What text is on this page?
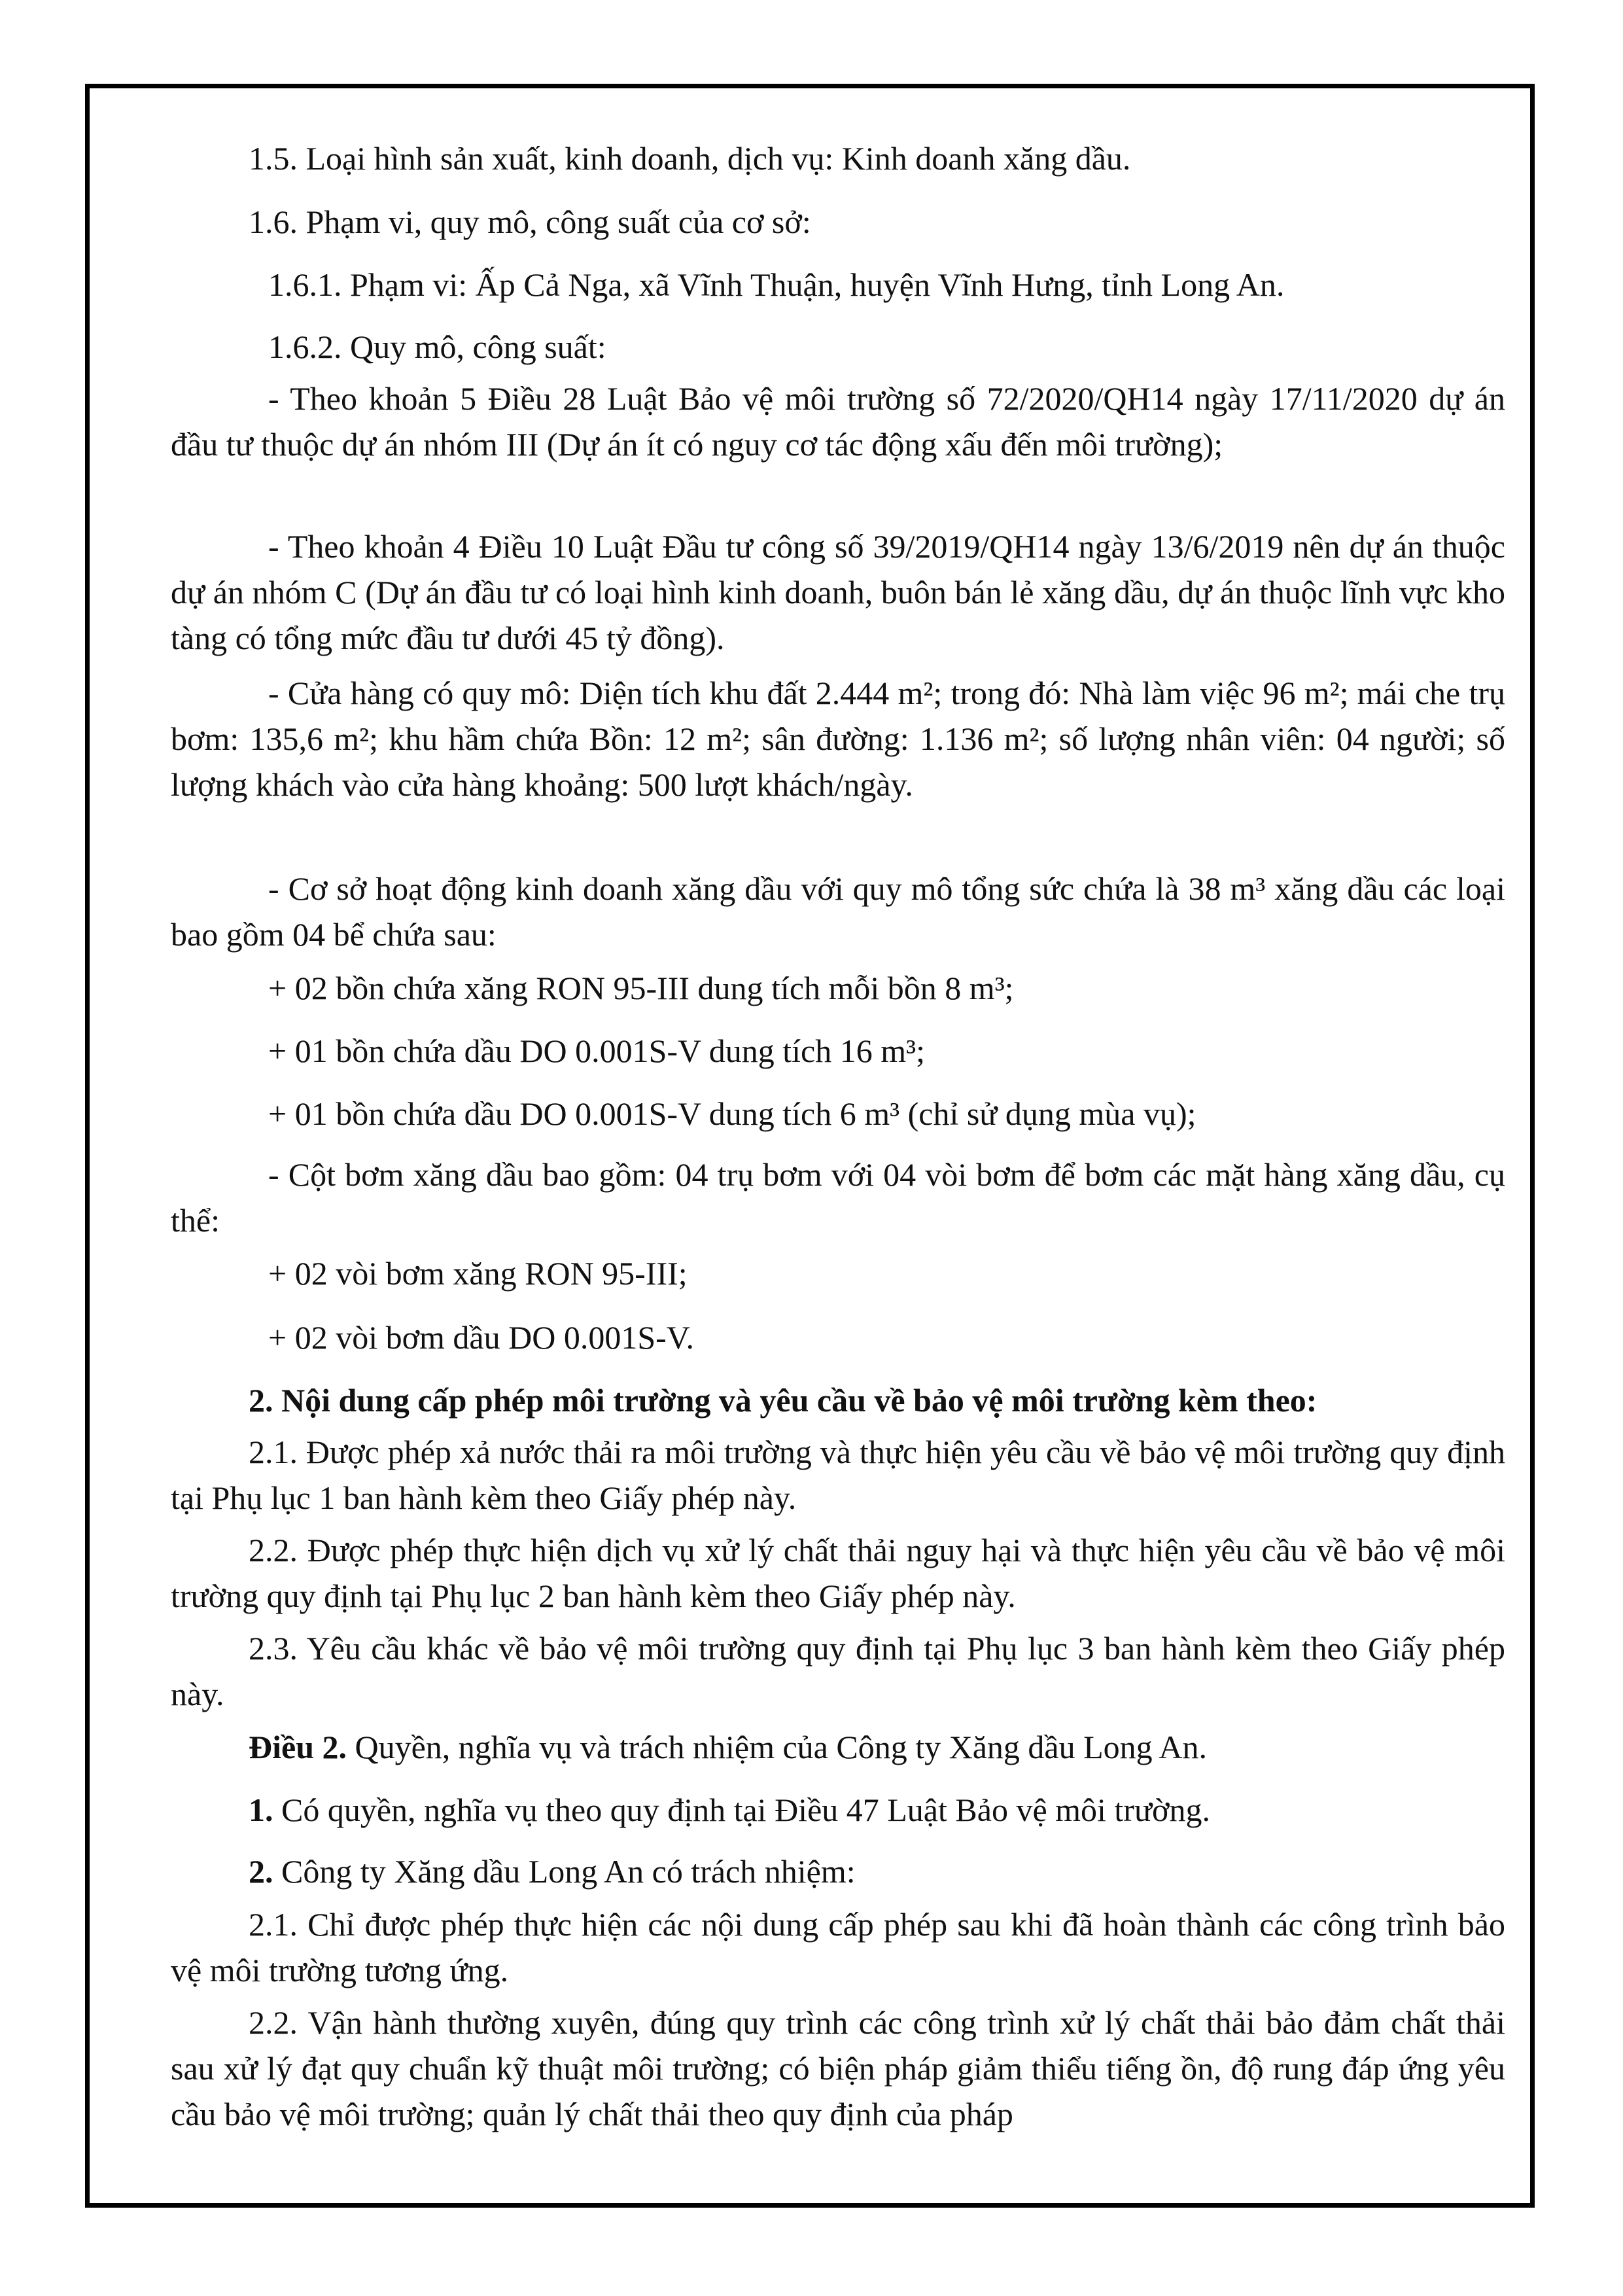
1.5. Loại hình sản xuất, kinh doanh, dịch vụ: Kinh doanh xăng dầu.

1.6. Phạm vi, quy mô, công suất của cơ sở:

1.6.1. Phạm vi: Ấp Cả Nga, xã Vĩnh Thuận, huyện Vĩnh Hưng, tỉnh Long An.

1.6.2. Quy mô, công suất:

- Theo khoản 5 Điều 28 Luật Bảo vệ môi trường số 72/2020/QH14 ngày 17/11/2020 dự án đầu tư thuộc dự án nhóm III (Dự án ít có nguy cơ tác động xấu đến môi trường);

- Theo khoản 4 Điều 10 Luật Đầu tư công số 39/2019/QH14 ngày 13/6/2019 nên dự án thuộc dự án nhóm C (Dự án đầu tư có loại hình kinh doanh, buôn bán lẻ xăng dầu, dự án thuộc lĩnh vực kho tàng có tổng mức đầu tư dưới 45 tỷ đồng).

- Cửa hàng có quy mô: Diện tích khu đất 2.444 m²; trong đó: Nhà làm việc 96 m²; mái che trụ bơm: 135,6 m²; khu hầm chứa Bồn: 12 m²; sân đường: 1.136 m²; số lượng nhân viên: 04 người; số lượng khách vào cửa hàng khoảng: 500 lượt khách/ngày.

- Cơ sở hoạt động kinh doanh xăng dầu với quy mô tổng sức chứa là 38 m³ xăng dầu các loại bao gồm 04 bể chứa sau:

+ 02 bồn chứa xăng RON 95-III dung tích mỗi bồn 8 m³;

+ 01 bồn chứa dầu DO 0.001S-V dung tích 16 m³;

+ 01 bồn chứa dầu DO 0.001S-V dung tích 6 m³ (chỉ sử dụng mùa vụ);

- Cột bơm xăng dầu bao gồm: 04 trụ bơm với 04 vòi bơm để bơm các mặt hàng xăng dầu, cụ thể:

+ 02 vòi bơm xăng RON 95-III;

+ 02 vòi bơm dầu DO 0.001S-V.

2. Nội dung cấp phép môi trường và yêu cầu về bảo vệ môi trường kèm theo:

2.1. Được phép xả nước thải ra môi trường và thực hiện yêu cầu về bảo vệ môi trường quy định tại Phụ lục 1 ban hành kèm theo Giấy phép này.

2.2. Được phép thực hiện dịch vụ xử lý chất thải nguy hại và thực hiện yêu cầu về bảo vệ môi trường quy định tại Phụ lục 2 ban hành kèm theo Giấy phép này.

2.3. Yêu cầu khác về bảo vệ môi trường quy định tại Phụ lục 3 ban hành kèm theo Giấy phép này.

Điều 2. Quyền, nghĩa vụ và trách nhiệm của Công ty Xăng dầu Long An.

1. Có quyền, nghĩa vụ theo quy định tại Điều 47 Luật Bảo vệ môi trường.

2. Công ty Xăng dầu Long An có trách nhiệm:

2.1. Chỉ được phép thực hiện các nội dung cấp phép sau khi đã hoàn thành các công trình bảo vệ môi trường tương ứng.

2.2. Vận hành thường xuyên, đúng quy trình các công trình xử lý chất thải bảo đảm chất thải sau xử lý đạt quy chuẩn kỹ thuật môi trường; có biện pháp giảm thiểu tiếng ồn, độ rung đáp ứng yêu cầu bảo vệ môi trường; quản lý chất thải theo quy định của pháp
